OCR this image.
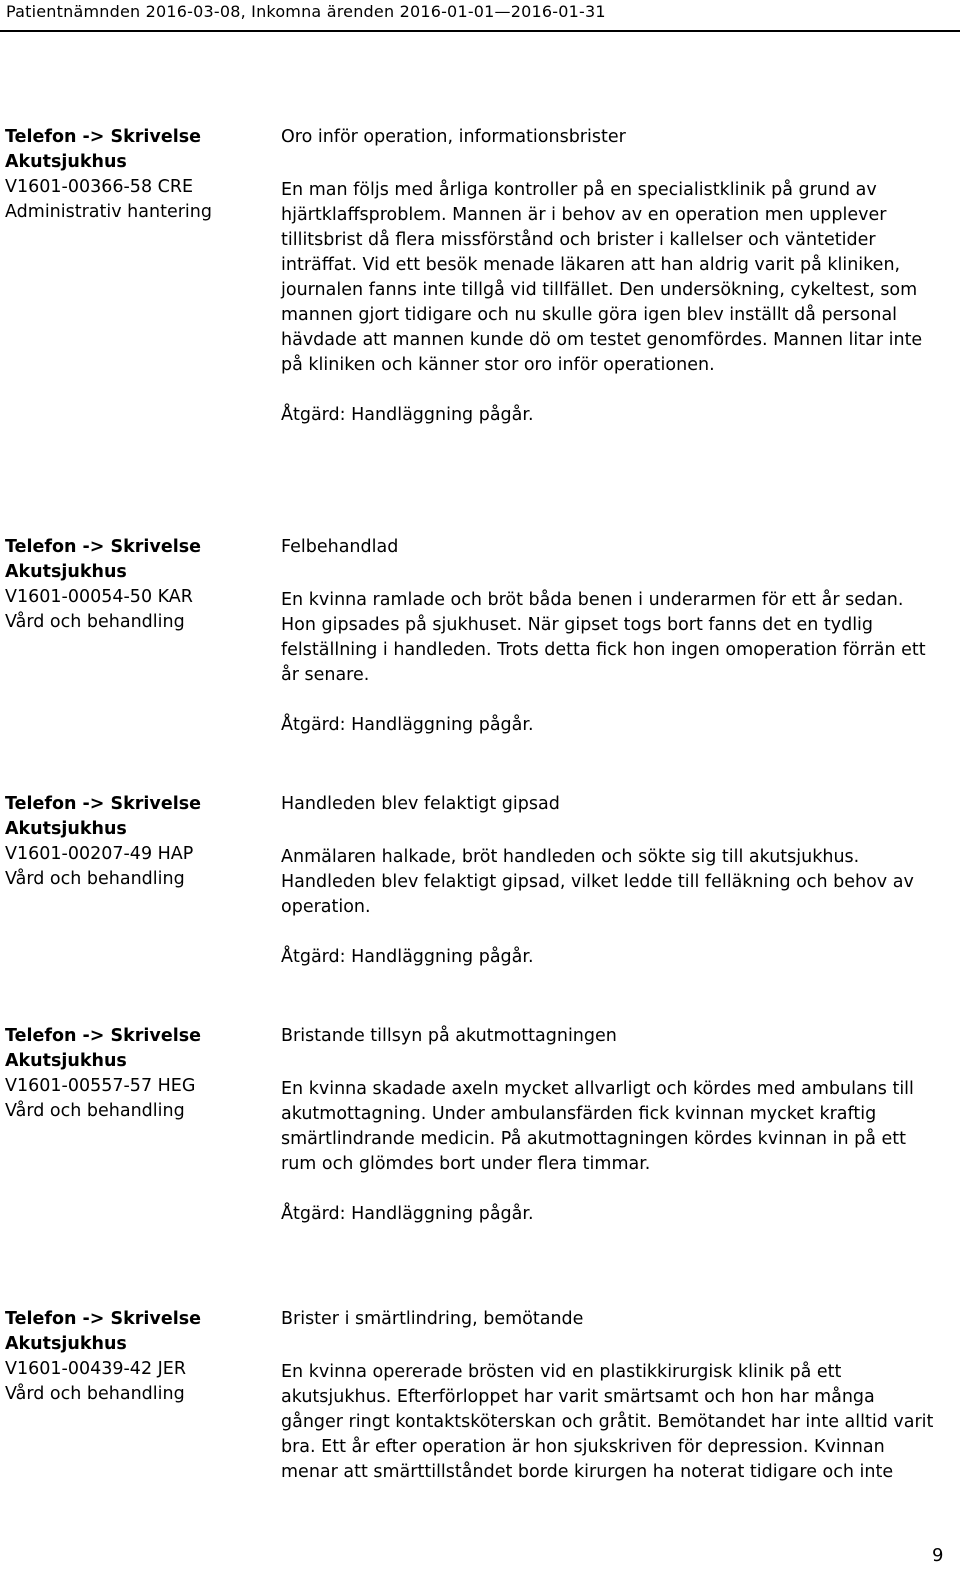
Patientnämnden 2016-03-08, Inkomna ärenden 2016-01-01—2016-01-31
Telefon -> Skrivelse
Akutsjukhus
V1601-00366-58 CRE
Administrativ hantering
Oro inför operation, informationsbrister

En man följs med årliga kontroller på en specialistklinik på grund av hjärtklaffsproblem. Mannen är i behov av en operation men upplever tillitsbrist då flera missförstånd och brister i kallelser och väntetider inträffat. Vid ett besök menade läkaren att han aldrig varit på kliniken, journalen fanns inte tillgå vid tillfället. Den undersökning, cykeltest, som mannen gjort tidigare och nu skulle göra igen blev inställt då personal hävdade att mannen kunde dö om testet genomfördes. Mannen litar inte på kliniken och känner stor oro inför operationen.

Åtgärd: Handläggning pågår.
Telefon -> Skrivelse
Akutsjukhus
V1601-00054-50 KAR
Vård och behandling
Felbehandlad

En kvinna ramlade och bröt båda benen i underarmen för ett år sedan. Hon gipsades på sjukhuset. När gipset togs bort fanns det en tydlig felställning i handleden. Trots detta fick hon ingen omoperation förrän ett år senare.

Åtgärd: Handläggning pågår.
Telefon -> Skrivelse
Akutsjukhus
V1601-00207-49 HAP
Vård och behandling
Handleden blev felaktigt gipsad

Anmälaren halkade, bröt handleden och sökte sig till akutsjukhus. Handleden blev felaktigt gipsad, vilket ledde till felläkning och behov av operation.

Åtgärd: Handläggning pågår.
Telefon -> Skrivelse
Akutsjukhus
V1601-00557-57 HEG
Vård och behandling
Bristande tillsyn på akutmottagningen

En kvinna skadade axeln mycket allvarligt och kördes med ambulans till akutmottagning. Under ambulansfärden fick kvinnan mycket kraftig smärtlindrande medicin. På akutmottagningen kördes kvinnan in på ett rum och glömdes bort under flera timmar.

Åtgärd: Handläggning pågår.
Telefon -> Skrivelse
Akutsjukhus
V1601-00439-42 JER
Vård och behandling
Brister i smärtlindring, bemötande

En kvinna opererade brösten vid en plastikkirurgisk klinik på ett akutsjukhus. Efterförloppet har varit smärtsamt och hon har många gånger ringt kontaktsköterskan och gråtit. Bemötandet har inte alltid varit bra. Ett år efter operation är hon sjukskriven för depression. Kvinnan menar att smärttillståndet borde kirurgen ha noterat tidigare och inte

9
